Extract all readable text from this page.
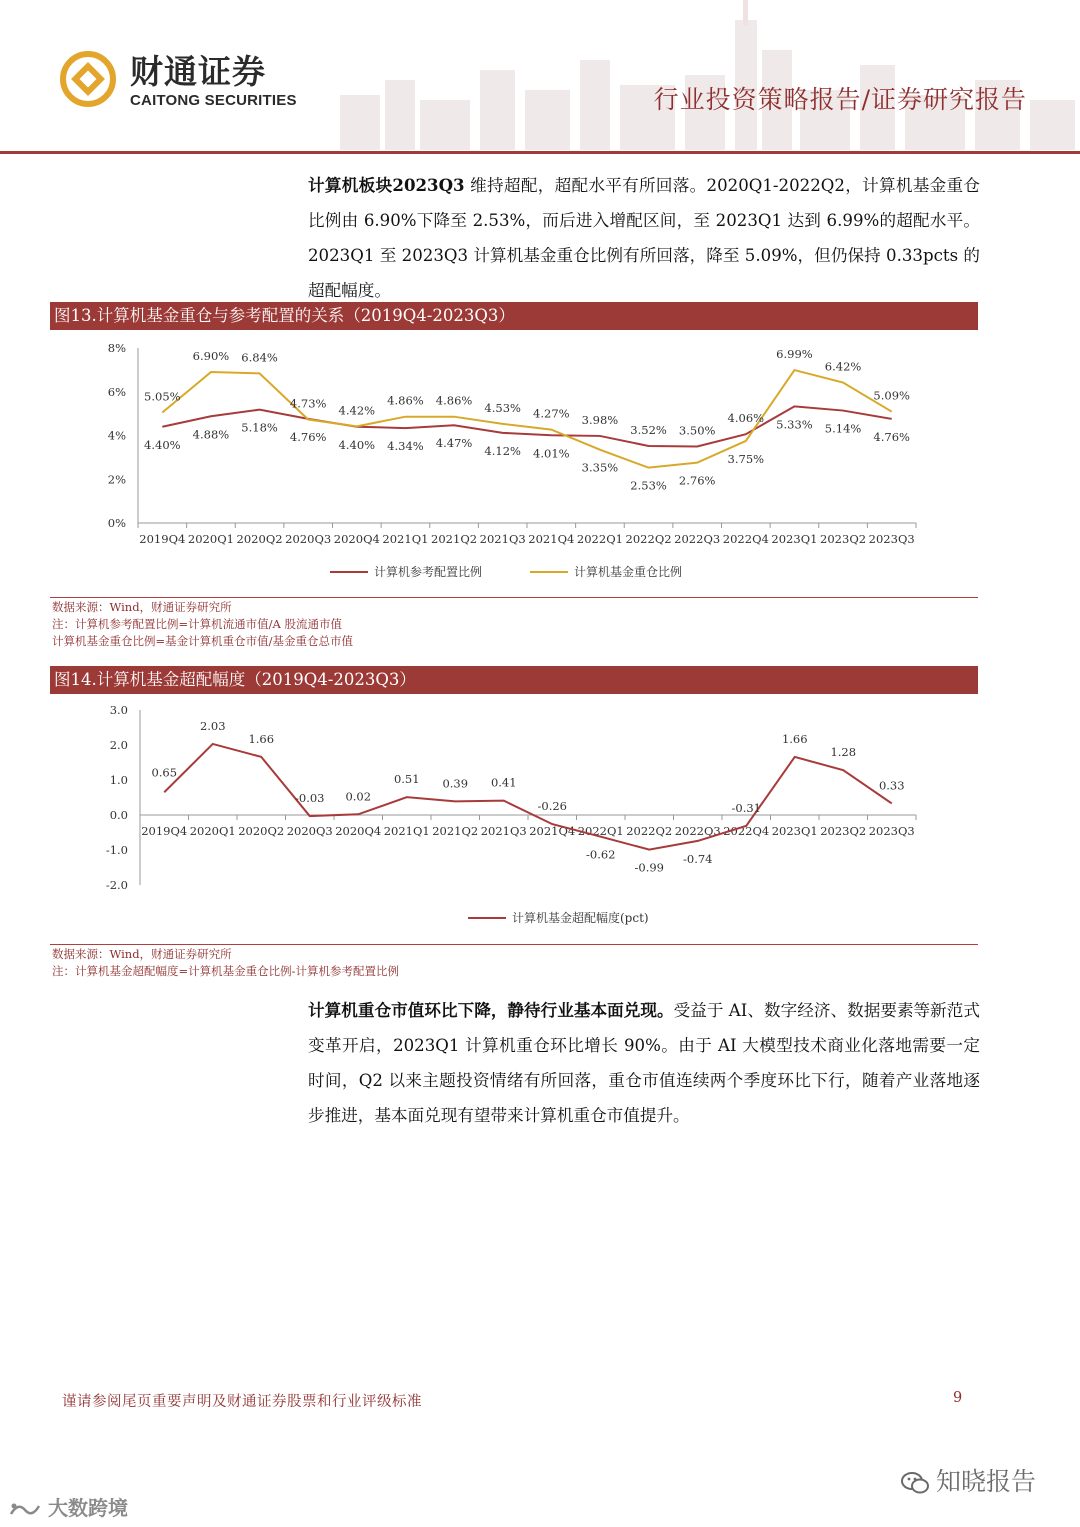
财通证券
CAITONG SECURITIES	行业投资策略报告/证券研究报告
计算机板块2023Q3 维持超配，超配水平有所回落。2020Q1-2022Q2，计算机基金重仓比例由 6.90%下降至 2.53%，而后进入增配区间，至 2023Q1 达到 6.99%的超配水平。2023Q1 至 2023Q3 计算机基金重仓比例有所回落，降至 5.09%，但仍保持 0.33pcts 的超配幅度。
图13.计算机基金重仓与参考配置的关系（2019Q4-2023Q3）
0%
2%
4%
6%
8%
2019Q4 2020Q1 2020Q2 2020Q3 2020Q4 2021Q1 2021Q2 2021Q3 2021Q4 2022Q1 2022Q2 2022Q3 2022Q4 2023Q1 2023Q2 2023Q3
4.40%
4.88% 5.18%
4.76%
4.40% 4.34% 4.47%
4.12% 4.01%
3.98%
3.52% 3.50%
4.06% 5.33% 5.14%
4.76%
5.05%
6.90% 6.84%
4.73% 4.42%
4.86% 4.86%
4.53% 4.27%
3.35%
2.53% 2.76%
3.75%
6.99%
6.42%
5.09%
计算机参考配置比例	计算机基金重仓比例
数据来源：Wind，财通证券研究所
注：计算机参考配置比例=计算机流通市值/A 股流通市值
计算机基金重仓比例=基金计算机重仓市值/基金重仓总市值
图14.计算机基金超配幅度（2019Q4-2023Q3）
3.0
2.0
1.0
0.0
-1.0
-2.0
2019Q4 2020Q1 2020Q2 2020Q3 2020Q4 2021Q1 2021Q2 2021Q3 2021Q4 2022Q1 2022Q2 2022Q3 2022Q4 2023Q1 2023Q2 2023Q3
0.65
2.03
1.66
-0.03 0.02
0.51 0.39 0.41
-0.26
-0.62
-0.99
-0.74
-0.31
1.66
1.28
0.33
计算机基金超配幅度(pct)
数据来源：Wind，财通证券研究所
注：计算机基金超配幅度=计算机基金重仓比例-计算机参考配置比例
计算机重仓市值环比下降，静待行业基本面兑现。受益于 AI、数字经济、数据要素等新范式变革开启，2023Q1 计算机重仓环比增长 90%。由于 AI 大模型技术商业化落地需要一定时间，Q2 以来主题投资情绪有所回落，重仓市值连续两个季度环比下行，随着产业落地逐步推进，基本面兑现有望带来计算机重仓市值提升。
谨请参阅尾页重要声明及财通证券股票和行业评级标准	9
知晓报告
大数跨境
